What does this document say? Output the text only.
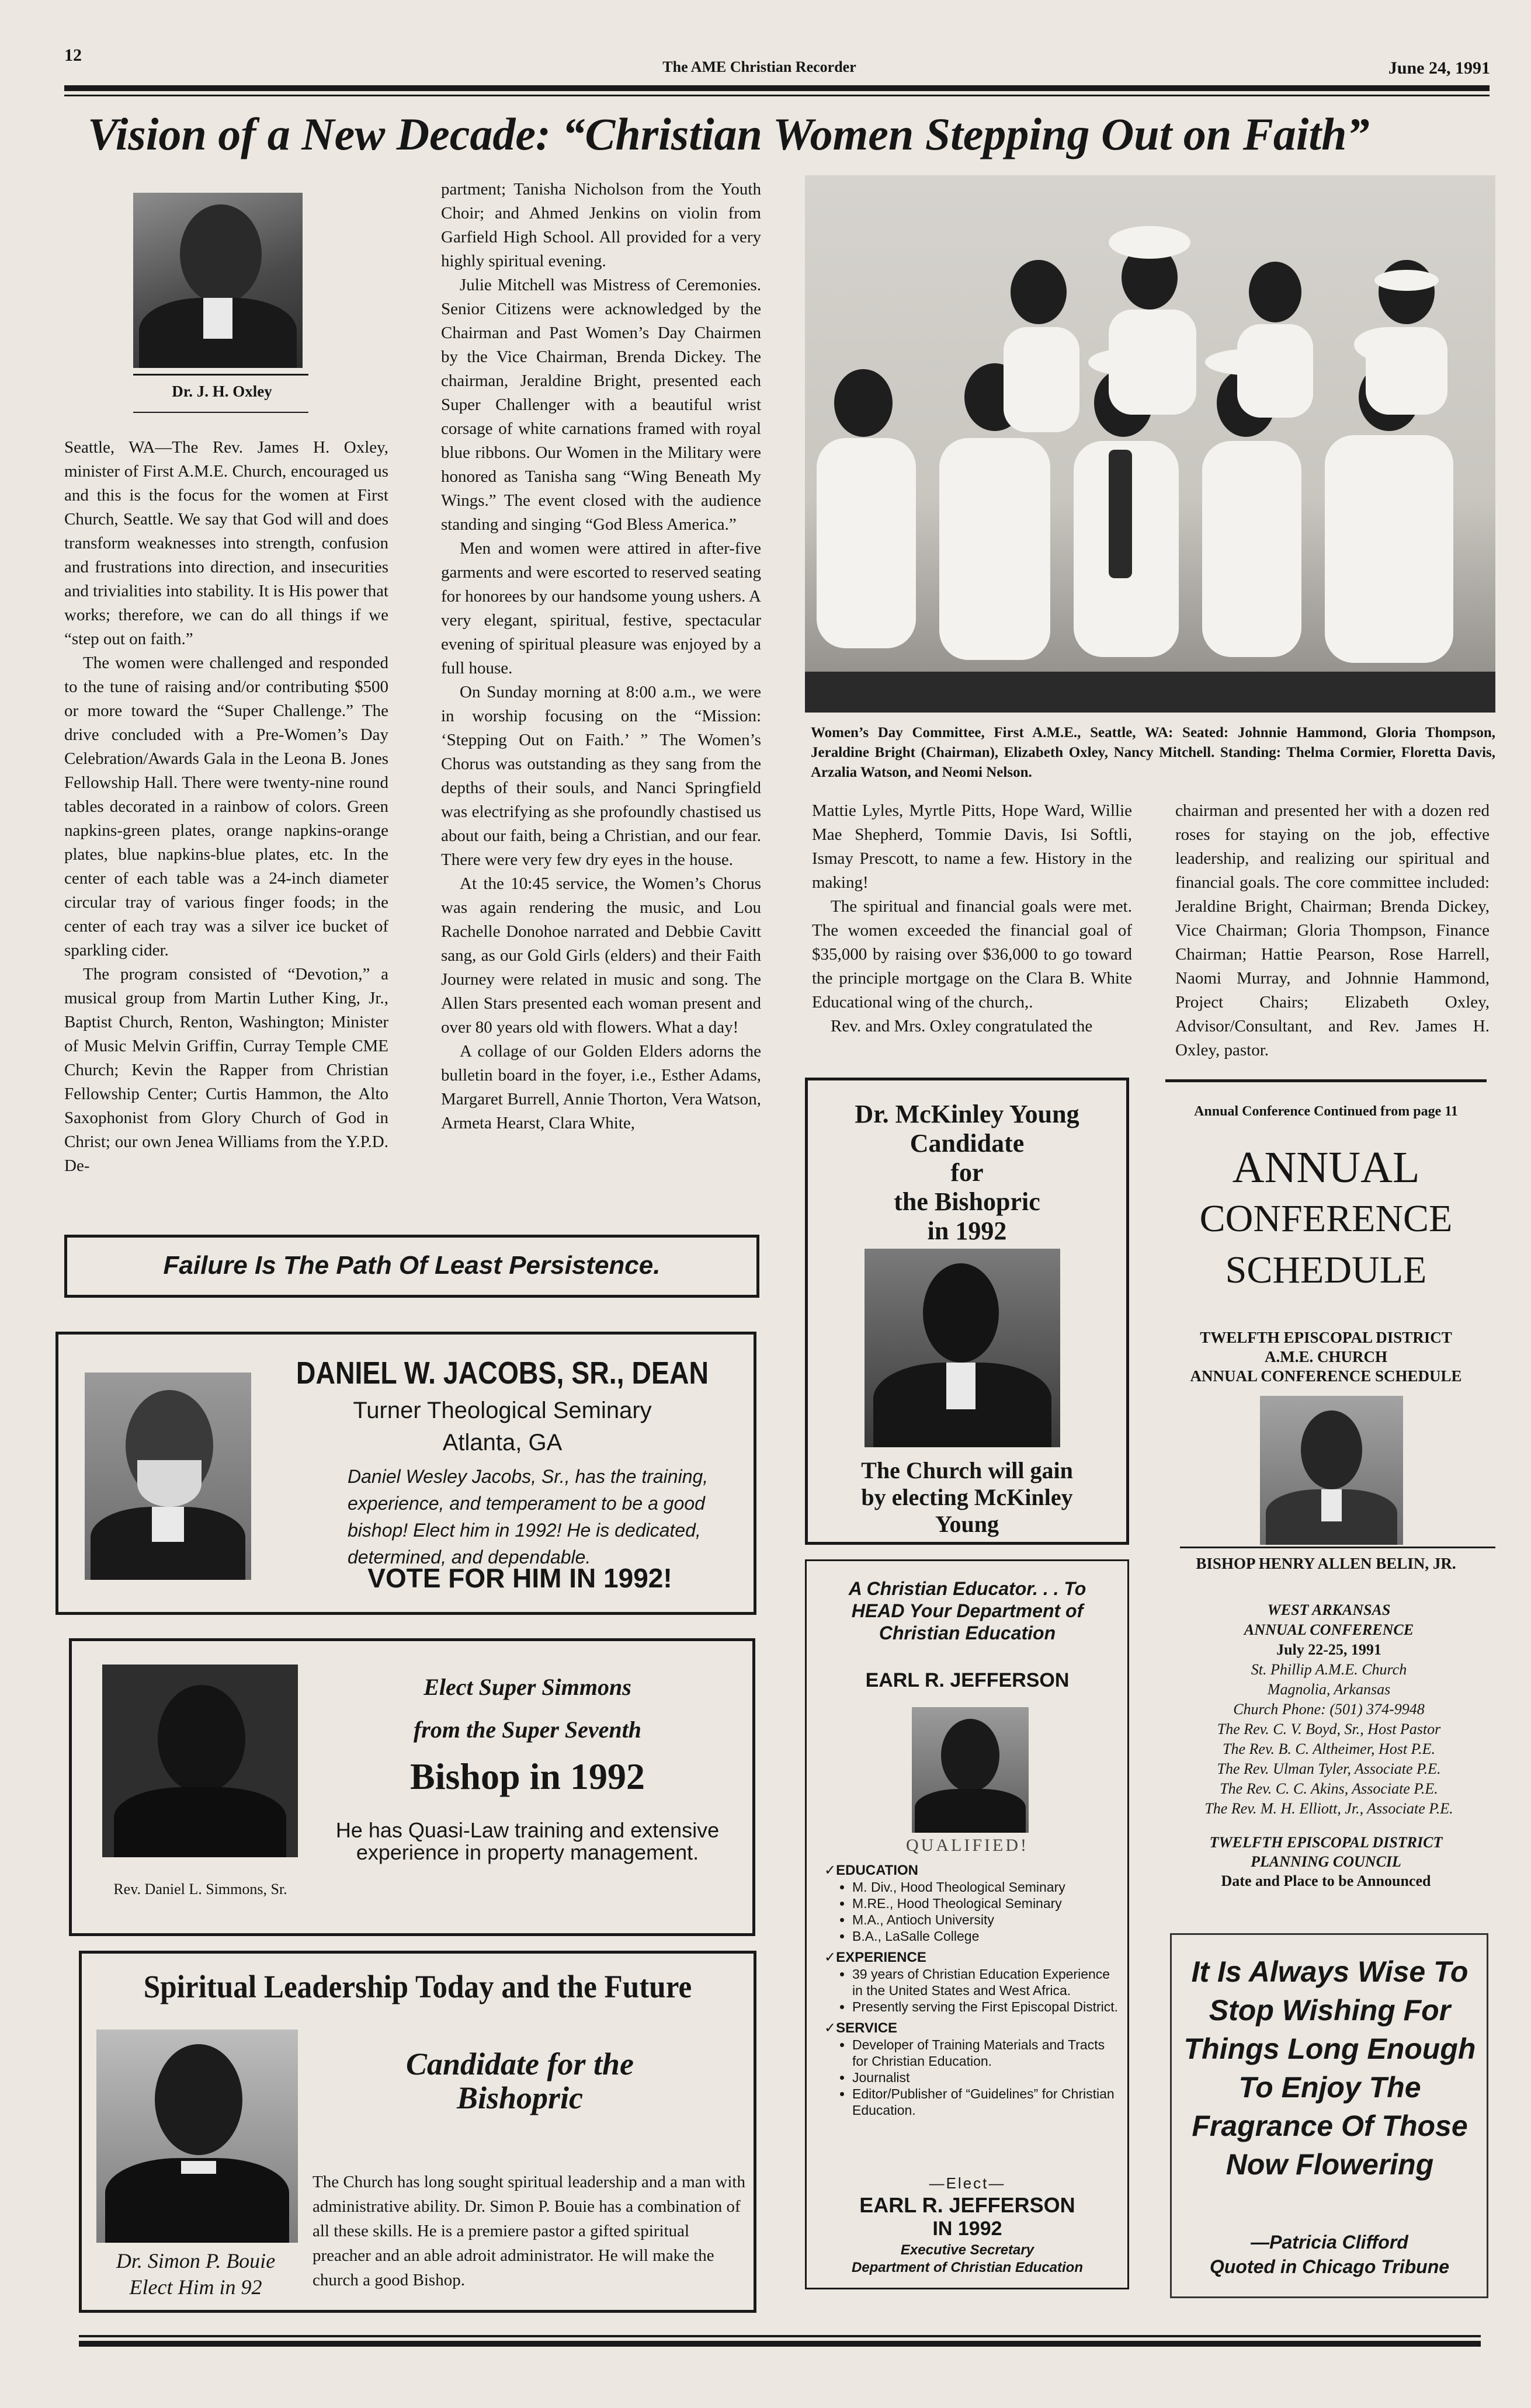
12
The AME Christian Recorder	June 24, 1991
Vision of a New Decade: “Christian Women Stepping Out on Faith”
Dr. J. H. Oxley

Seattle, WA—The Rev. James H. Oxley, minister of First A.M.E. Church, encouraged us and this is the focus for the women at First Church, Seattle. We say that God will and does transform weaknesses into strength, confusion and frustrations into direction, and insecurities and trivialities into stability. It is His power that works; therefore, we can do all things if we “step out on faith.”

The women were challenged and responded to the tune of raising and/or contributing $500 or more toward the “Super Challenge.” The drive concluded with a Pre-Women’s Day Celebration/Awards Gala in the Leona B. Jones Fellowship Hall. There were twenty-nine round tables decorated in a rainbow of colors. Green napkins-green plates, orange napkins-orange plates, blue napkins-blue plates, etc. In the center of each table was a 24-inch diameter circular tray of various finger foods; in the center of each tray was a silver ice bucket of sparkling cider.

The program consisted of “Devotion,” a musical group from Martin Luther King, Jr., Baptist Church, Renton, Washington; Minister of Music Melvin Griffin, Curray Temple CME Church; Kevin the Rapper from Christian Fellowship Center; Curtis Hammon, the Alto Saxophonist from Glory Church of God in Christ; our own Jenea Williams from the Y.P.D. De-

partment; Tanisha Nicholson from the Youth Choir; and Ahmed Jenkins on violin from Garfield High School. All provided for a very highly spiritual evening.

Julie Mitchell was Mistress of Ceremonies. Senior Citizens were acknowledged by the Chairman and Past Women’s Day Chairmen by the Vice Chairman, Brenda Dickey. The chairman, Jeraldine Bright, presented each Super Challenger with a beautiful wrist corsage of white carnations framed with royal blue ribbons. Our Women in the Military were honored as Tanisha sang “Wing Beneath My Wings.” The event closed with the audience standing and singing “God Bless America.”

Men and women were attired in after-five garments and were escorted to reserved seating for honorees by our handsome young ushers. A very elegant, spiritual, festive, spectacular evening of spiritual pleasure was enjoyed by a full house.

On Sunday morning at 8:00 a.m., we were in worship focusing on the “Mission: ‘Stepping Out on Faith.’ ” The Women’s Chorus was outstanding as they sang from the depths of their souls, and Nanci Springfield was electrifying as she profoundly chastised us about our faith, being a Christian, and our fear. There were very few dry eyes in the house.

At the 10:45 service, the Women’s Chorus was again rendering the music, and Lou Rachelle Donohoe narrated and Debbie Cavitt sang, as our Gold Girls (elders) and their Faith Journey were related in music and song. The Allen Stars presented each woman present and over 80 years old with flowers. What a day!

A collage of our Golden Elders adorns the bulletin board in the foyer, i.e., Esther Adams, Margaret Burrell, Annie Thorton, Vera Watson, Armeta Hearst, Clara White,

Women’s Day Committee, First A.M.E., Seattle, WA: Seated: Johnnie Hammond, Gloria Thompson, Jeraldine Bright (Chairman), Elizabeth Oxley, Nancy Mitchell. Standing: Thelma Cormier, Floretta Davis, Arzalia Watson, and Neomi Nelson.

Mattie Lyles, Myrtle Pitts, Hope Ward, Willie Mae Shepherd, Tommie Davis, Isi Softli, Ismay Prescott, to name a few. History in the making!

The spiritual and financial goals were met. The women exceeded the financial goal of $35,000 by raising over $36,000 to go toward the principle mortgage on the Clara B. White Educational wing of the church,.

Rev. and Mrs. Oxley congratulated the

chairman and presented her with a dozen red roses for staying on the job, effective leadership, and realizing our spiritual and financial goals. The core committee included: Jeraldine Bright, Chairman; Brenda Dickey, Vice Chairman; Gloria Thompson, Finance Chairman; Hattie Pearson, Rose Harrell, Naomi Murray, and Johnnie Hammond, Project Chairs; Elizabeth Oxley, Advisor/Consultant, and Rev. James H. Oxley, pastor.

Failure Is The Path Of Least Persistence.
DANIEL W. JACOBS, SR., DEAN
Turner Theological Seminary
Atlanta, GA
Daniel Wesley Jacobs, Sr., has the training, experience, and temperament to be a good bishop! Elect him in 1992! He is dedicated, determined, and dependable.
VOTE FOR HIM IN 1992!
Rev. Daniel L. Simmons, Sr.
Elect Super Simmons
from the Super Seventh
Bishop in 1992
He has Quasi-Law training and extensive experience in property management.
Spiritual Leadership Today and the Future
Dr. Simon P. Bouie
Elect Him in 92
Candidate for the Bishopric
The Church has long sought spiritual leadership and a man with administrative ability. Dr. Simon P. Bouie has a combination of all these skills. He is a premiere pastor a gifted spiritual preacher and an able adroit administrator. He will make the church a good Bishop.
Dr. McKinley Young
Candidate
for
the Bishopric
in 1992
The Church will gain by electing McKinley Young
A Christian Educator. . . To HEAD Your Department of Christian Education
EARL R. JEFFERSON
QUALIFIED!
✓EDUCATION
• M. Div., Hood Theological Seminary
• M.RE., Hood Theological Seminary
• M.A., Antioch University
• B.A., LaSalle College
✓EXPERIENCE
• 39 years of Christian Education Experience in the United States and West Africa.
• Presently serving the First Episcopal District.
✓SERVICE
• Developer of Training Materials and Tracts for Christian Education.
• Journalist
• Editor/Publisher of “Guidelines” for Christian Education.
—Elect—
EARL R. JEFFERSON
IN 1992
Executive Secretary
Department of Christian Education
Annual Conference Continued from page 11
ANNUAL
CONFERENCE
SCHEDULE
TWELFTH EPISCOPAL DISTRICT
A.M.E. CHURCH
ANNUAL CONFERENCE SCHEDULE
BISHOP HENRY ALLEN BELIN, JR.
WEST ARKANSAS
ANNUAL CONFERENCE
July 22-25, 1991
St. Phillip A.M.E. Church
Magnolia, Arkansas
Church Phone: (501) 374-9948
The Rev. C. V. Boyd, Sr., Host Pastor
The Rev. B. C. Altheimer, Host P.E.
The Rev. Ulman Tyler, Associate P.E.
The Rev. C. C. Akins, Associate P.E.
The Rev. M. H. Elliott, Jr., Associate P.E.
TWELFTH EPISCOPAL DISTRICT
PLANNING COUNCIL
Date and Place to be Announced
It Is Always Wise To Stop Wishing For Things Long Enough To Enjoy The Fragrance Of Those Now Flowering
—Patricia Clifford
Quoted in Chicago Tribune
